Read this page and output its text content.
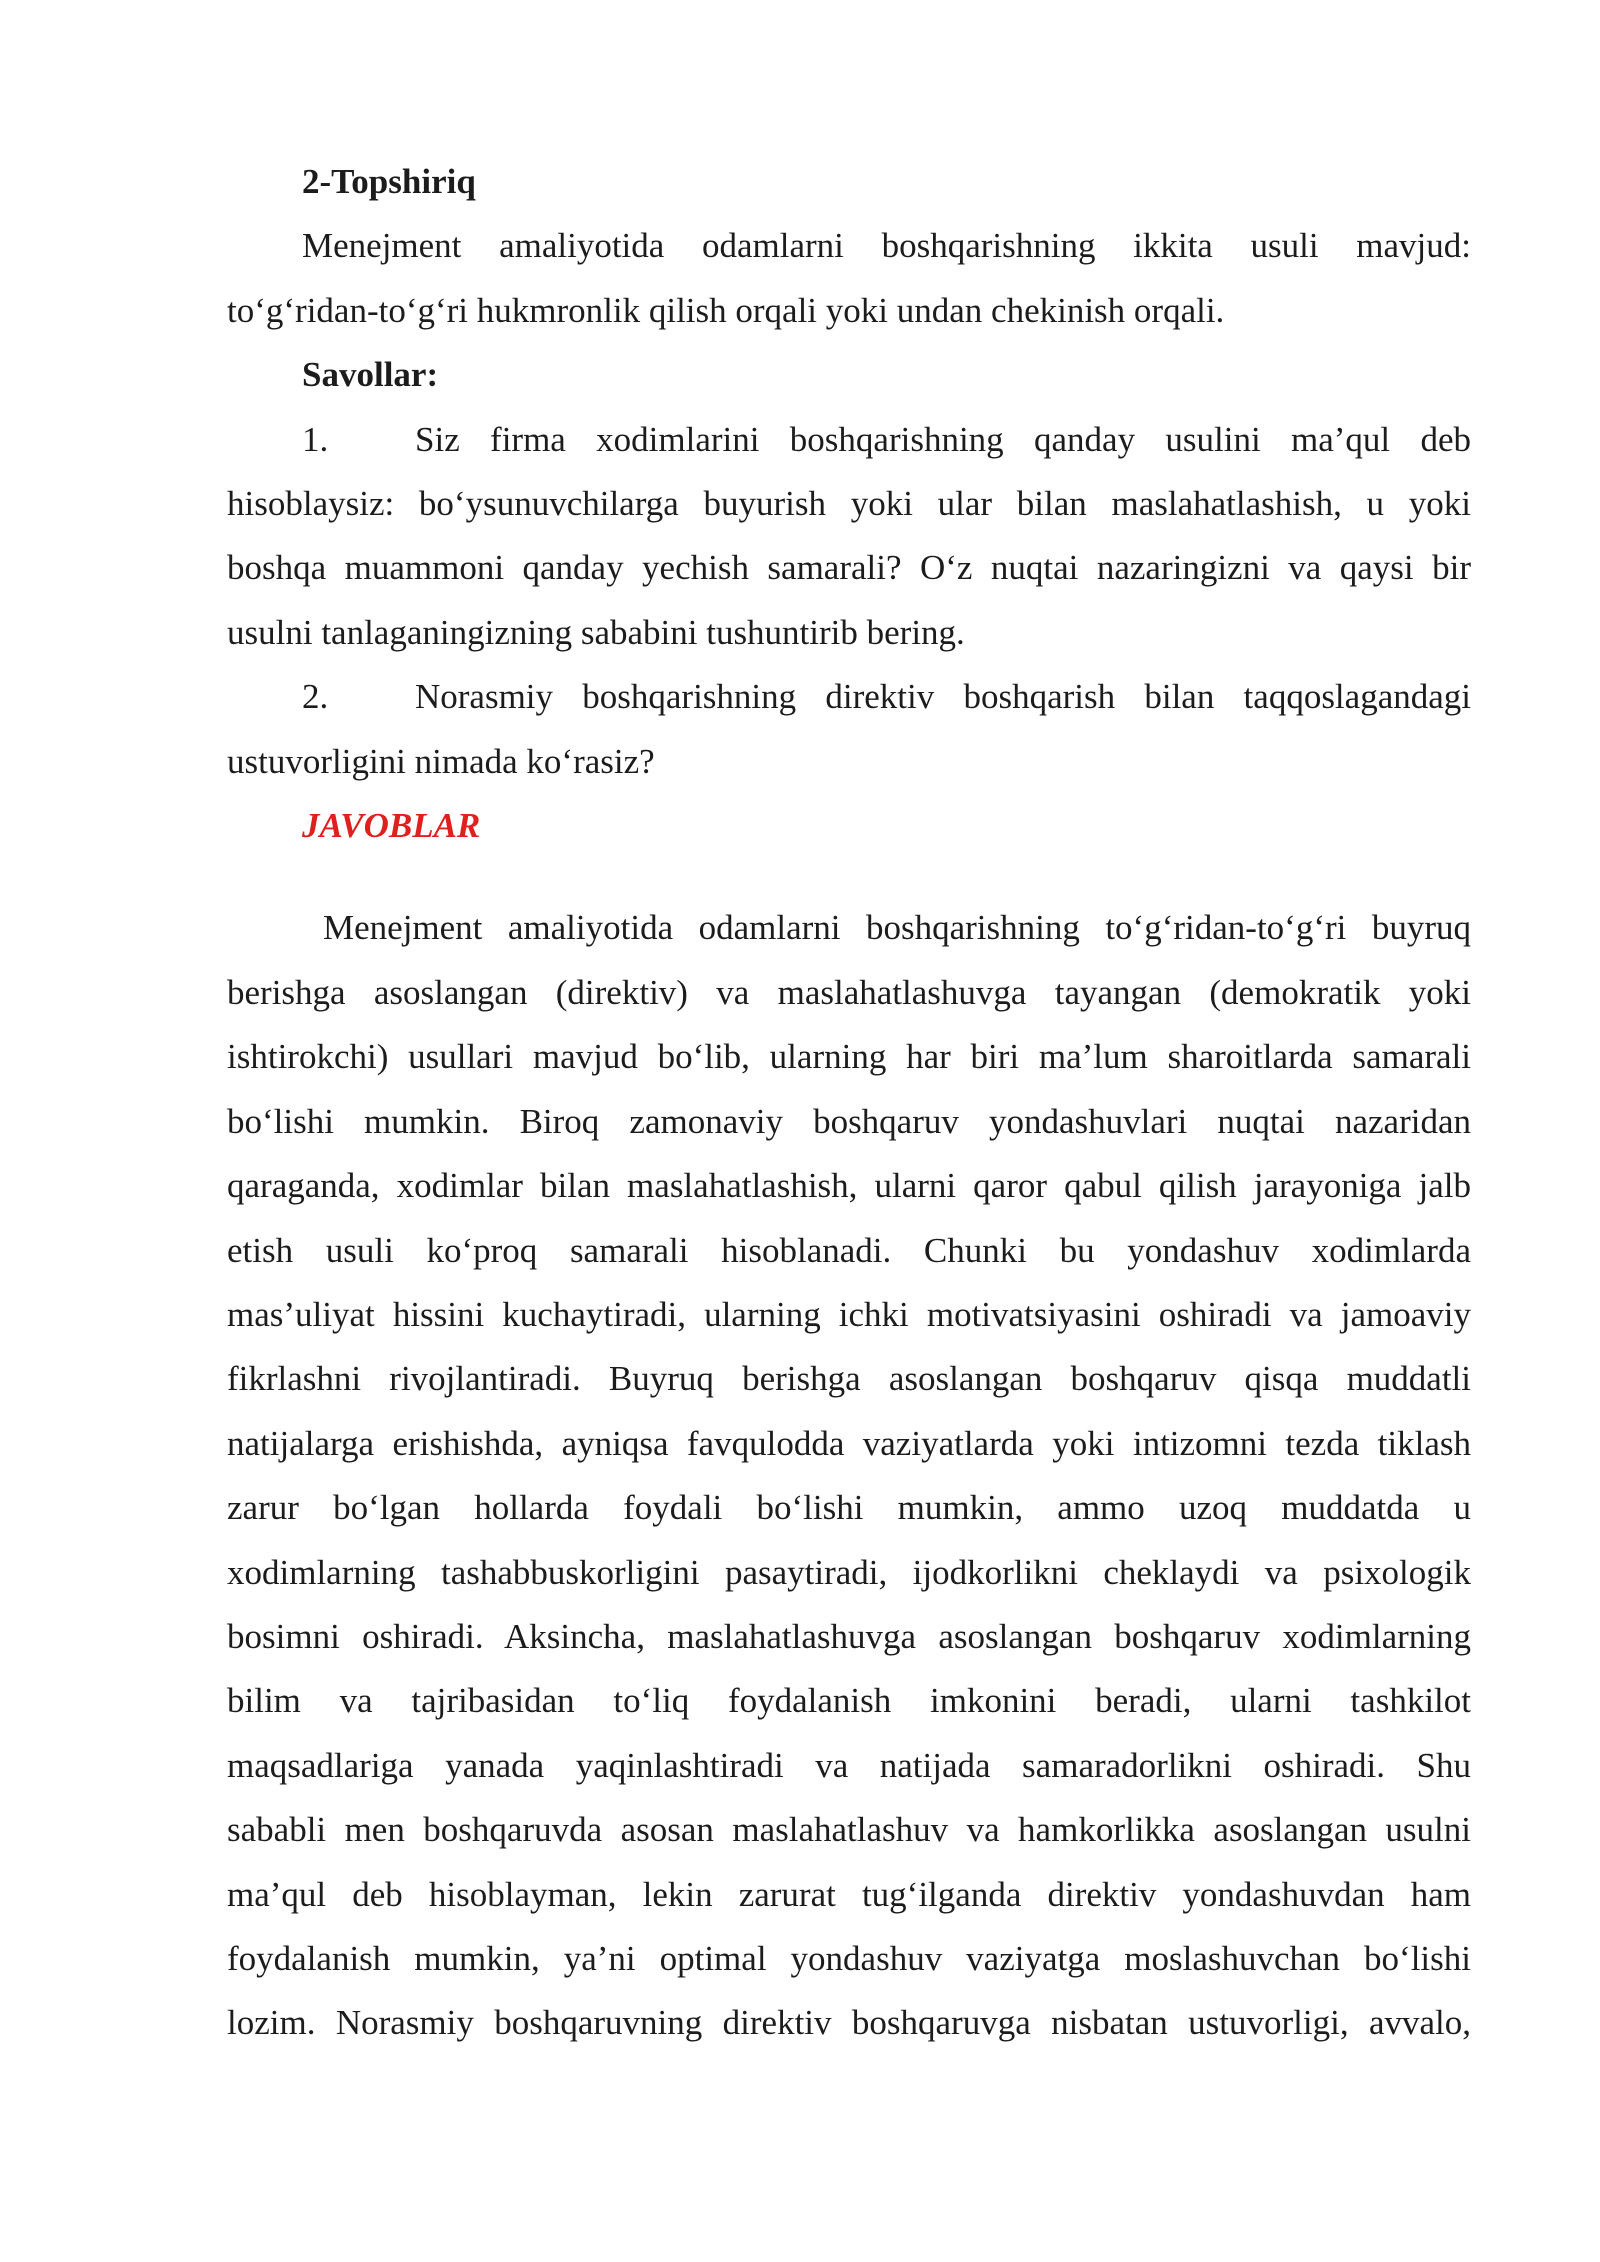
2-Topshiriq
Menejment amaliyotida odamlarni boshqarishning ikkita usuli mavjud:
to‘g‘ridan-to‘g‘ri hukmronlik qilish orqali yoki undan chekinish orqali.
Savollar:
1. Siz firma xodimlarini boshqarishning qanday usulini ma’qul deb
hisoblaysiz: bo‘ysunuvchilarga buyurish yoki ular bilan maslahatlashish, u yoki
boshqa muammoni qanday yechish samarali? O‘z nuqtai nazaringizni va qaysi bir
usulni tanlaganingizning sababini tushuntirib bering.
2. Norasmiy boshqarishning direktiv boshqarish bilan taqqoslagandagi
ustuvorligini nimada ko‘rasiz?
JAVOBLAR
Menejment amaliyotida odamlarni boshqarishning to‘g‘ridan-to‘g‘ri buyruq
berishga asoslangan (direktiv) va maslahatlashuvga tayangan (demokratik yoki
ishtirokchi) usullari mavjud bo‘lib, ularning har biri ma’lum sharoitlarda samarali
bo‘lishi mumkin. Biroq zamonaviy boshqaruv yondashuvlari nuqtai nazaridan
qaraganda, xodimlar bilan maslahatlashish, ularni qaror qabul qilish jarayoniga jalb
etish usuli ko‘proq samarali hisoblanadi. Chunki bu yondashuv xodimlarda
mas’uliyat hissini kuchaytiradi, ularning ichki motivatsiyasini oshiradi va jamoaviy
fikrlashni rivojlantiradi. Buyruq berishga asoslangan boshqaruv qisqa muddatli
natijalarga erishishda, ayniqsa favqulodda vaziyatlarda yoki intizomni tezda tiklash
zarur bo‘lgan hollarda foydali bo‘lishi mumkin, ammo uzoq muddatda u
xodimlarning tashabbuskorligini pasaytiradi, ijodkorlikni cheklaydi va psixologik
bosimni oshiradi. Aksincha, maslahatlashuvga asoslangan boshqaruv xodimlarning
bilim va tajribasidan to‘liq foydalanish imkonini beradi, ularni tashkilot
maqsadlariga yanada yaqinlashtiradi va natijada samaradorlikni oshiradi. Shu
sababli men boshqaruvda asosan maslahatlashuv va hamkorlikka asoslangan usulni
ma’qul deb hisoblayman, lekin zarurat tug‘ilganda direktiv yondashuvdan ham
foydalanish mumkin, ya’ni optimal yondashuv vaziyatga moslashuvchan bo‘lishi
lozim. Norasmiy boshqaruvning direktiv boshqaruvga nisbatan ustuvorligi, avvalo,
